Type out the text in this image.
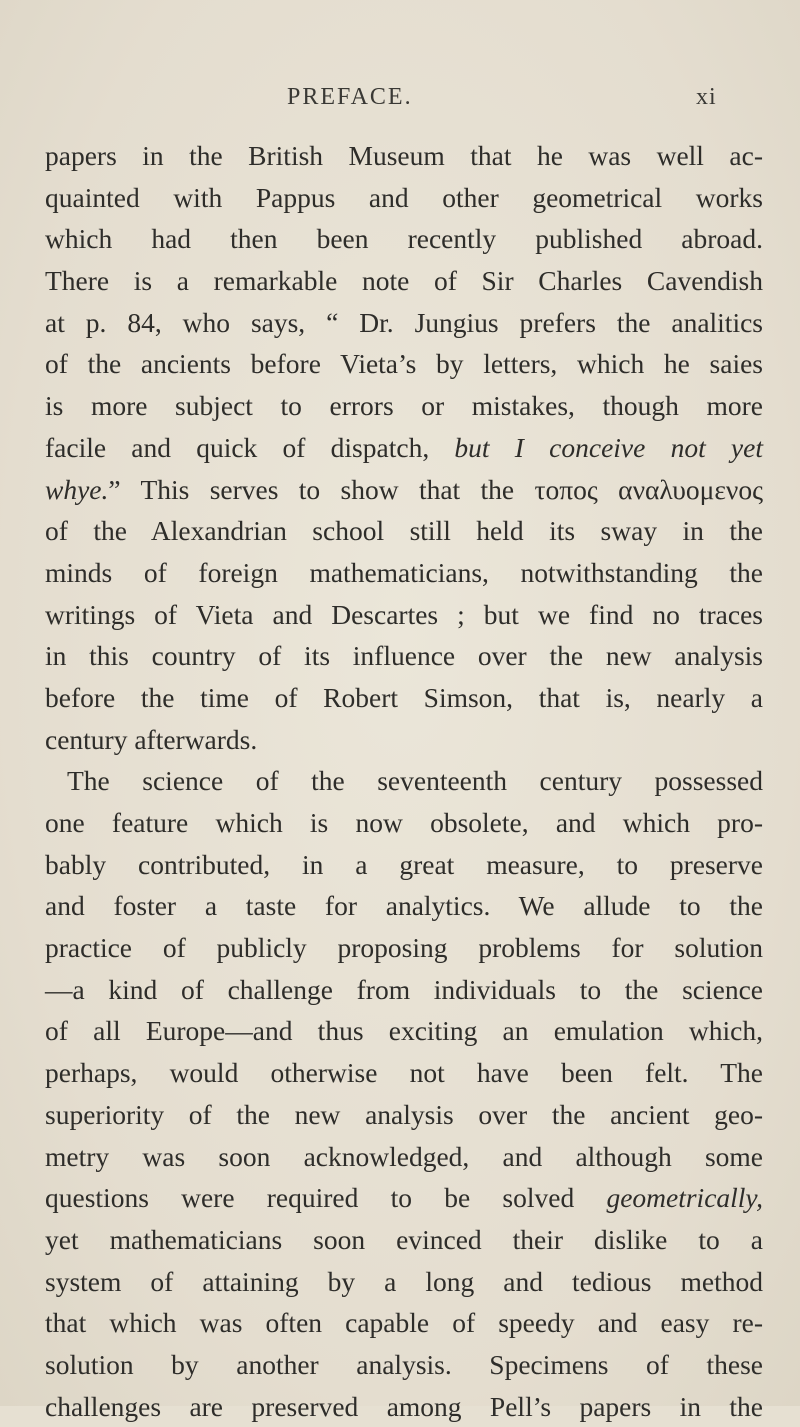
PREFACE.	xi
papers in the British Museum that he was well ac-
quainted with Pappus and other geometrical works
which had then been recently published abroad.
There is a remarkable note of Sir Charles Cavendish
at p. 84, who says, “ Dr. Jungius prefers the analitics
of the ancients before Vieta’s by letters, which he saies
is more subject to errors or mistakes, though more
facile and quick of dispatch, but I conceive not yet
whye.” This serves to show that the τοπος αναλυομενος
of the Alexandrian school still held its sway in the
minds of foreign mathematicians, notwithstanding the
writings of Vieta and Descartes ; but we find no traces
in this country of its influence over the new analysis
before the time of Robert Simson, that is, nearly a
century afterwards.
The science of the seventeenth century possessed
one feature which is now obsolete, and which pro-
bably contributed, in a great measure, to preserve
and foster a taste for analytics. We allude to the
practice of publicly proposing problems for solution
—a kind of challenge from individuals to the science
of all Europe—and thus exciting an emulation which,
perhaps, would otherwise not have been felt. The
superiority of the new analysis over the ancient geo-
metry was soon acknowledged, and although some
questions were required to be solved geometrically,
yet mathematicians soon evinced their dislike to a
system of attaining by a long and tedious method
that which was often capable of speedy and easy re-
solution by another analysis. Specimens of these
challenges are preserved among Pell’s papers in the
